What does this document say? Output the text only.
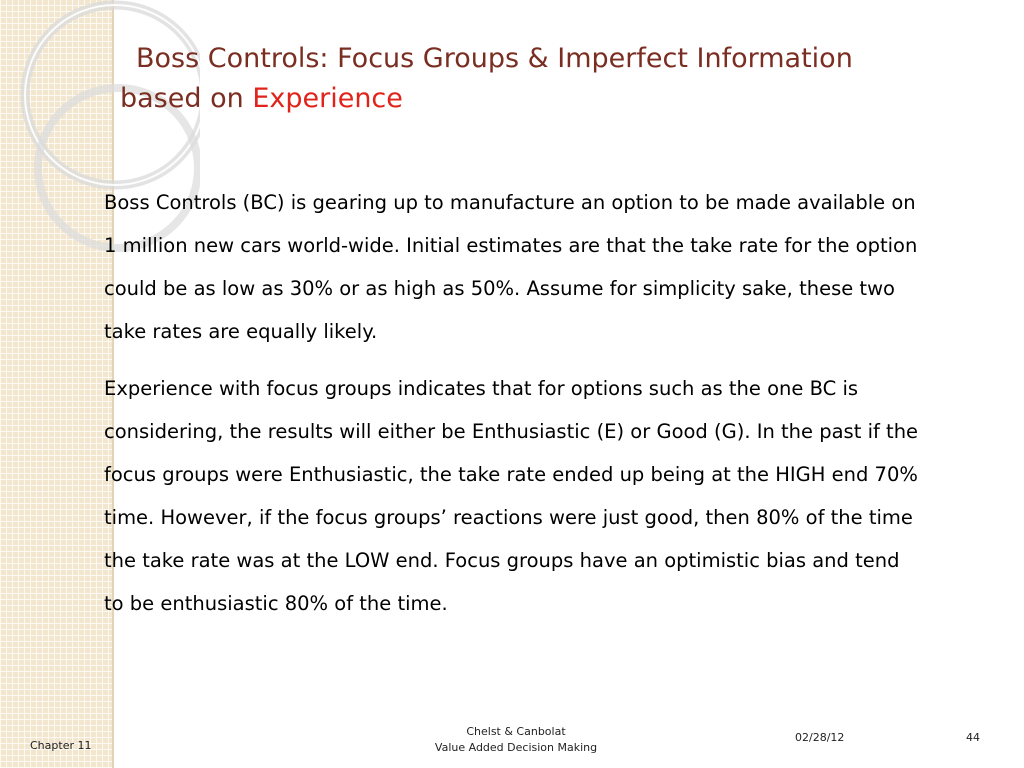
Boss Controls: Focus Groups & Imperfect Information
based on Experience

Boss Controls (BC) is gearing up to manufacture an option to be made available on 1 million new cars world-wide. Initial estimates are that the take rate for the option could be as low as 30% or as high as 50%. Assume for simplicity sake, these two take rates are equally likely.

Experience with focus groups indicates that for options such as the one BC is considering, the results will either be Enthusiastic (E) or Good (G). In the past if the focus groups were Enthusiastic, the take rate ended up being at the HIGH end 70% time. However, if the focus groups’ reactions were just good, then 80% of the time the take rate was at the LOW end. Focus groups have an optimistic bias and tend to be enthusiastic 80% of the time.

Chapter 11
Chelst & Canbolat
Value Added Decision Making
02/28/12	44
